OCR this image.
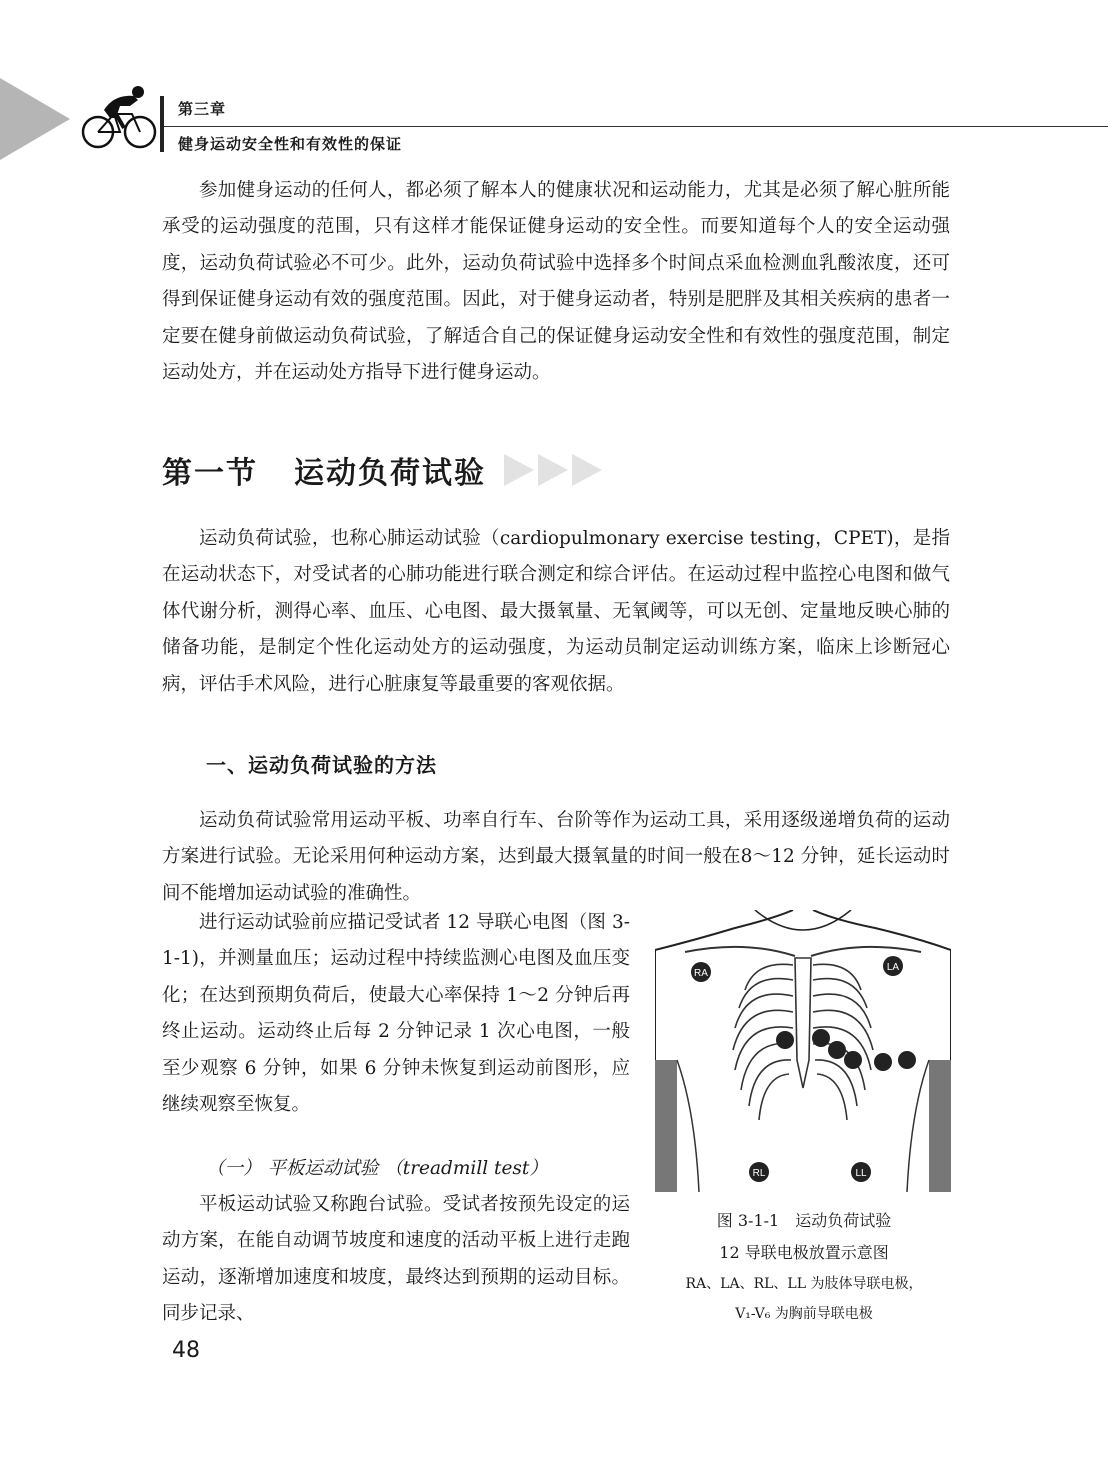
第三章
健身运动安全性和有效性的保证

参加健身运动的任何人，都必须了解本人的健康状况和运动能力，尤其是必须了解心脏所能承受的运动强度的范围，只有这样才能保证健身运动的安全性。而要知道每个人的安全运动强度，运动负荷试验必不可少。此外，运动负荷试验中选择多个时间点采血检测血乳酸浓度，还可得到保证健身运动有效的强度范围。因此，对于健身运动者，特别是肥胖及其相关疾病的患者一定要在健身前做运动负荷试验，了解适合自己的保证健身运动安全性和有效性的强度范围，制定运动处方，并在运动处方指导下进行健身运动。

第一节 运动负荷试验

运动负荷试验，也称心肺运动试验（cardiopulmonary exercise testing，CPET)，是指在运动状态下，对受试者的心肺功能进行联合测定和综合评估。在运动过程中监控心电图和做气体代谢分析，测得心率、血压、心电图、最大摄氧量、无氧阈等，可以无创、定量地反映心肺的储备功能，是制定个性化运动处方的运动强度，为运动员制定运动训练方案，临床上诊断冠心病，评估手术风险，进行心脏康复等最重要的客观依据。

一、运动负荷试验的方法

运动负荷试验常用运动平板、功率自行车、台阶等作为运动工具，采用逐级递增负荷的运动方案进行试验。无论采用何种运动方案，达到最大摄氧量的时间一般在8～12 分钟，延长运动时间不能增加运动试验的准确性。

进行运动试验前应描记受试者 12 导联心电图（图 3-1-1)，并测量血压；运动过程中持续监测心电图及血压变化；在达到预期负荷后，使最大心率保持 1～2 分钟后再终止运动。运动终止后每 2 分钟记录 1 次心电图，一般至少观察 6 分钟，如果 6 分钟未恢复到运动前图形，应继续观察至恢复。

（一） 平板运动试验 （treadmill test）

平板运动试验又称跑台试验。受试者按预先设定的运动方案，在能自动调节坡度和速度的活动平板上进行走跑运动，逐渐增加速度和坡度，最终达到预期的运动目标。同步记录、

RA
LA
RL	LL
图 3-1-1　运动负荷试验
12 导联电极放置示意图
RA、LA、RL、LL 为肢体导联电极，
V₁-V₆ 为胸前导联电极
48
